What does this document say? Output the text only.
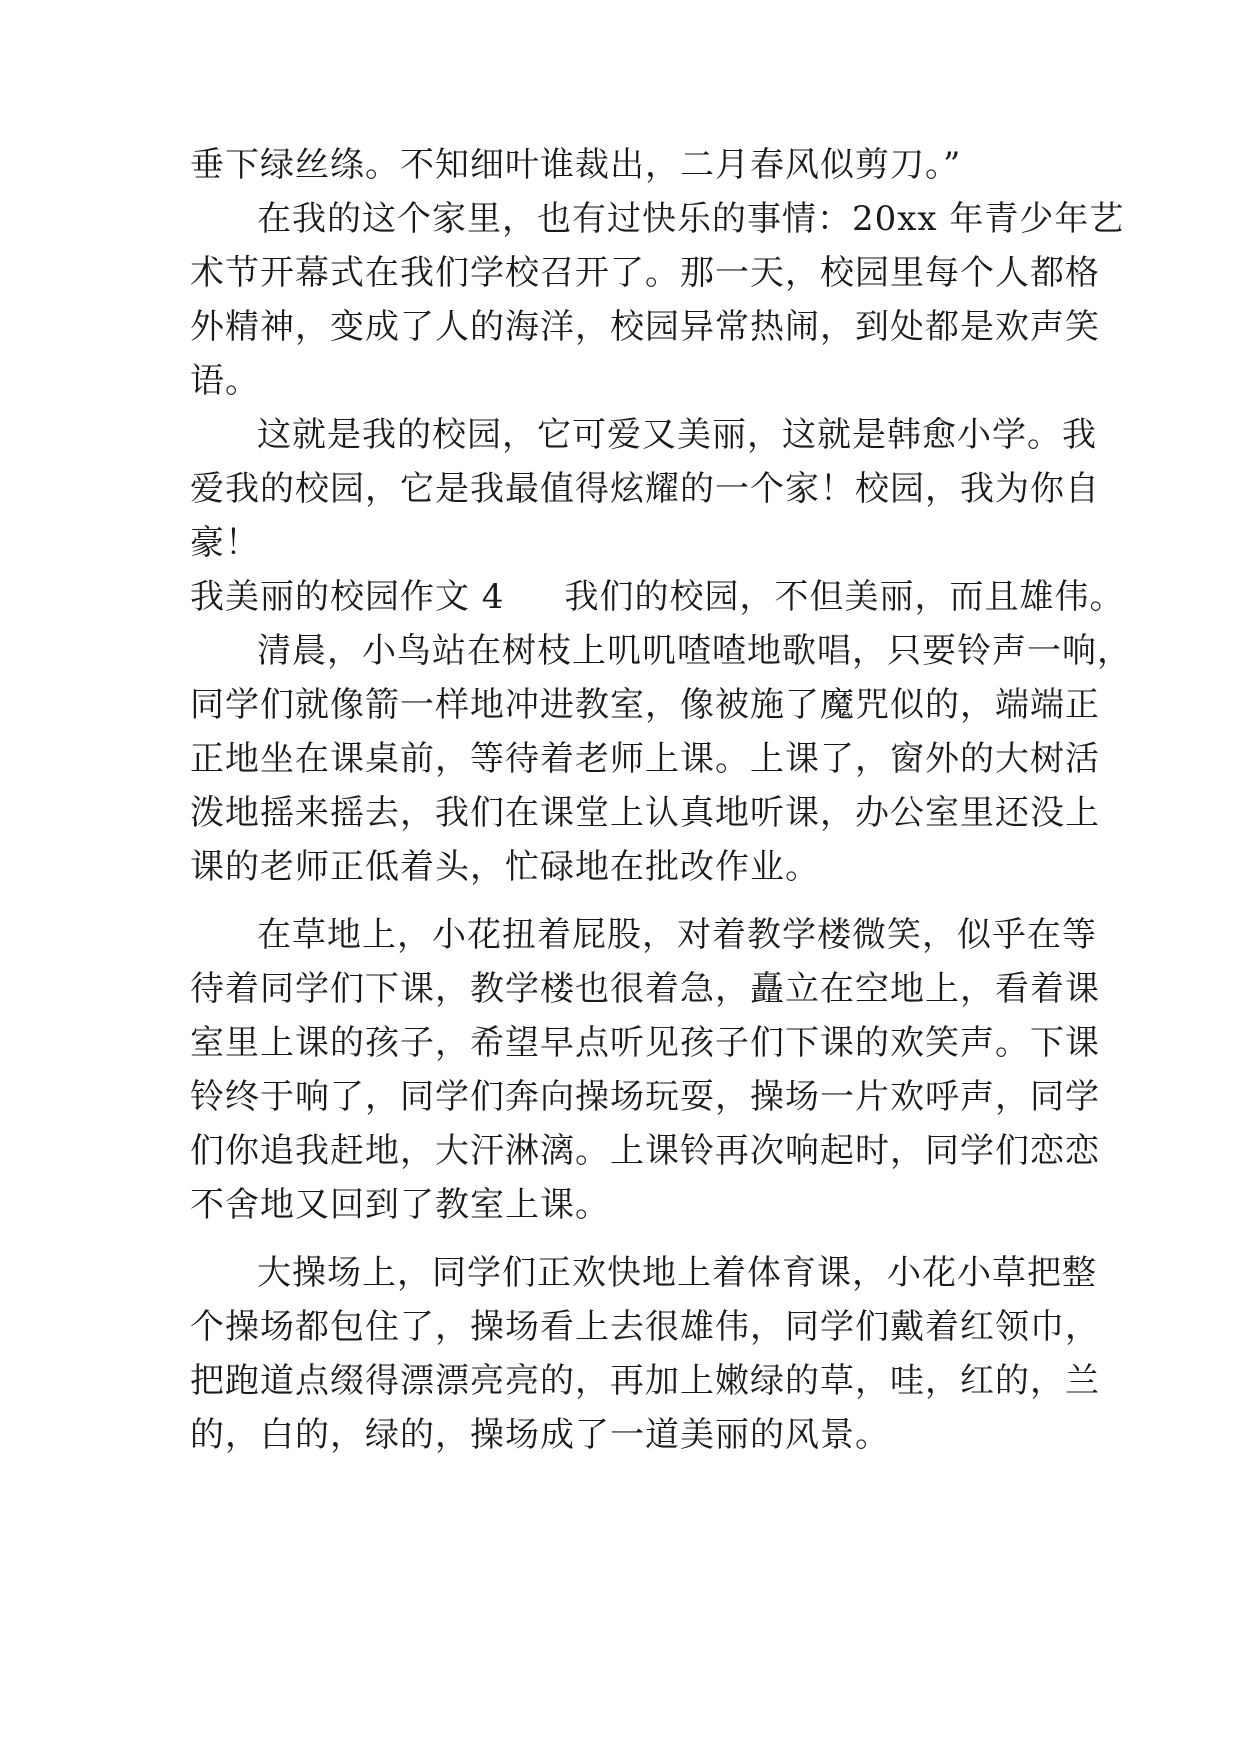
垂下绿丝绦。不知细叶谁裁出，二月春风似剪刀。”
在我的这个家里，也有过快乐的事情：20xx 年青少年艺
术节开幕式在我们学校召开了。那一天，校园里每个人都格
外精神，变成了人的海洋，校园异常热闹，到处都是欢声笑
语。
这就是我的校园，它可爱又美丽，这就是韩愈小学。我
爱我的校园，它是我最值得炫耀的一个家！校园，我为你自
豪！
我美丽的校园作文 4 我们的校园，不但美丽，而且雄伟。
清晨，小鸟站在树枝上叽叽喳喳地歌唱，只要铃声一响，
同学们就像箭一样地冲进教室，像被施了魔咒似的，端端正
正地坐在课桌前，等待着老师上课。上课了，窗外的大树活
泼地摇来摇去，我们在课堂上认真地听课，办公室里还没上
课的老师正低着头，忙碌地在批改作业。
在草地上，小花扭着屁股，对着教学楼微笑，似乎在等
待着同学们下课，教学楼也很着急，矗立在空地上，看着课
室里上课的孩子，希望早点听见孩子们下课的欢笑声。下课
铃终于响了，同学们奔向操场玩耍，操场一片欢呼声，同学
们你追我赶地，大汗淋漓。上课铃再次响起时，同学们恋恋
不舍地又回到了教室上课。
大操场上，同学们正欢快地上着体育课，小花小草把整
个操场都包住了，操场看上去很雄伟，同学们戴着红领巾，
把跑道点缀得漂漂亮亮的，再加上嫩绿的草，哇，红的，兰
的，白的，绿的，操场成了一道美丽的风景。
